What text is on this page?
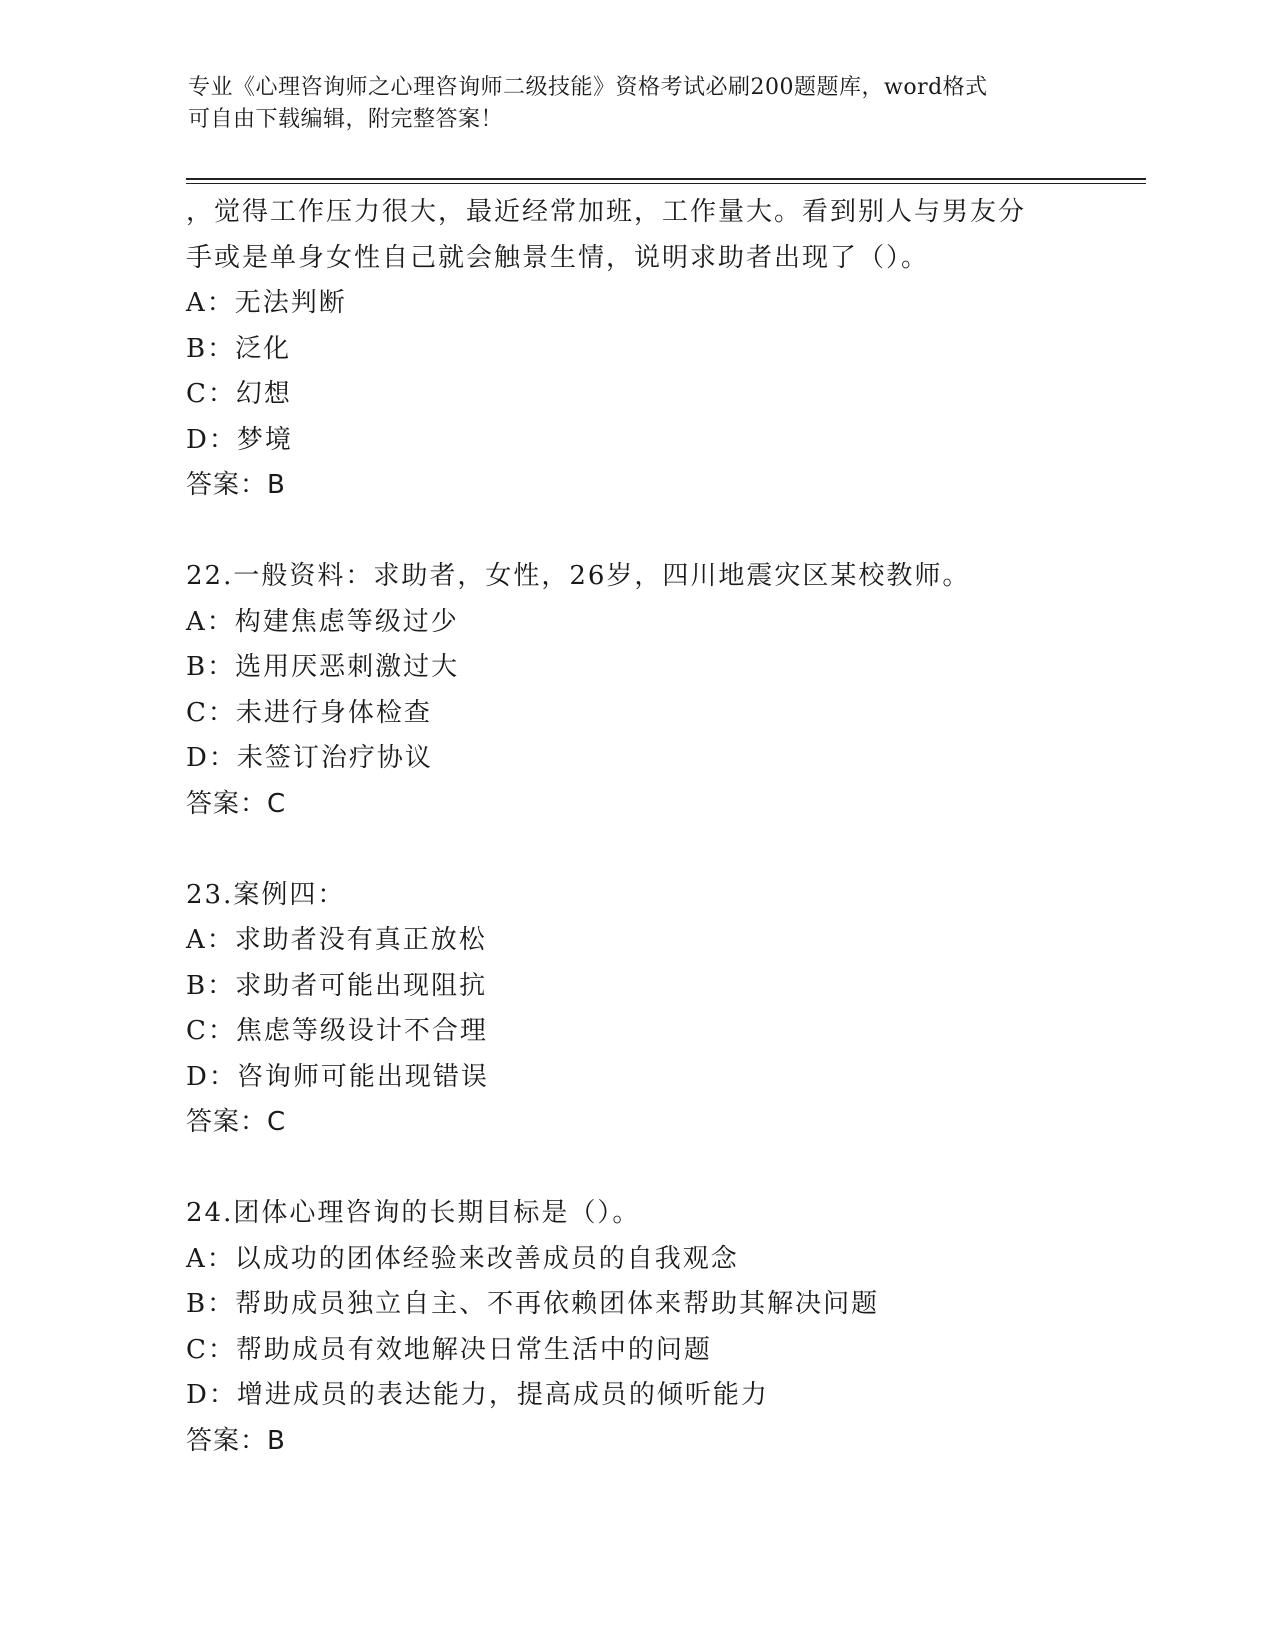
专业《心理咨询师之心理咨询师二级技能》资格考试必刷200题题库，word格式
可自由下载编辑，附完整答案！
，觉得工作压力很大，最近经常加班，工作量大。看到别人与男友分
手或是单身女性自己就会触景生情，说明求助者出现了（）。
A：无法判断
B：泛化
C：幻想
D：梦境
答案：B
22.一般资料：求助者，女性，26岁，四川地震灾区某校教师。
A：构建焦虑等级过少
B：选用厌恶刺激过大
C：未进行身体检查
D：未签订治疗协议
答案：C
23.案例四：
A：求助者没有真正放松
B：求助者可能出现阻抗
C：焦虑等级设计不合理
D：咨询师可能出现错误
答案：C
24.团体心理咨询的长期目标是（）。
A：以成功的团体经验来改善成员的自我观念
B：帮助成员独立自主、不再依赖团体来帮助其解决问题
C：帮助成员有效地解决日常生活中的问题
D：增进成员的表达能力，提高成员的倾听能力
答案：B
